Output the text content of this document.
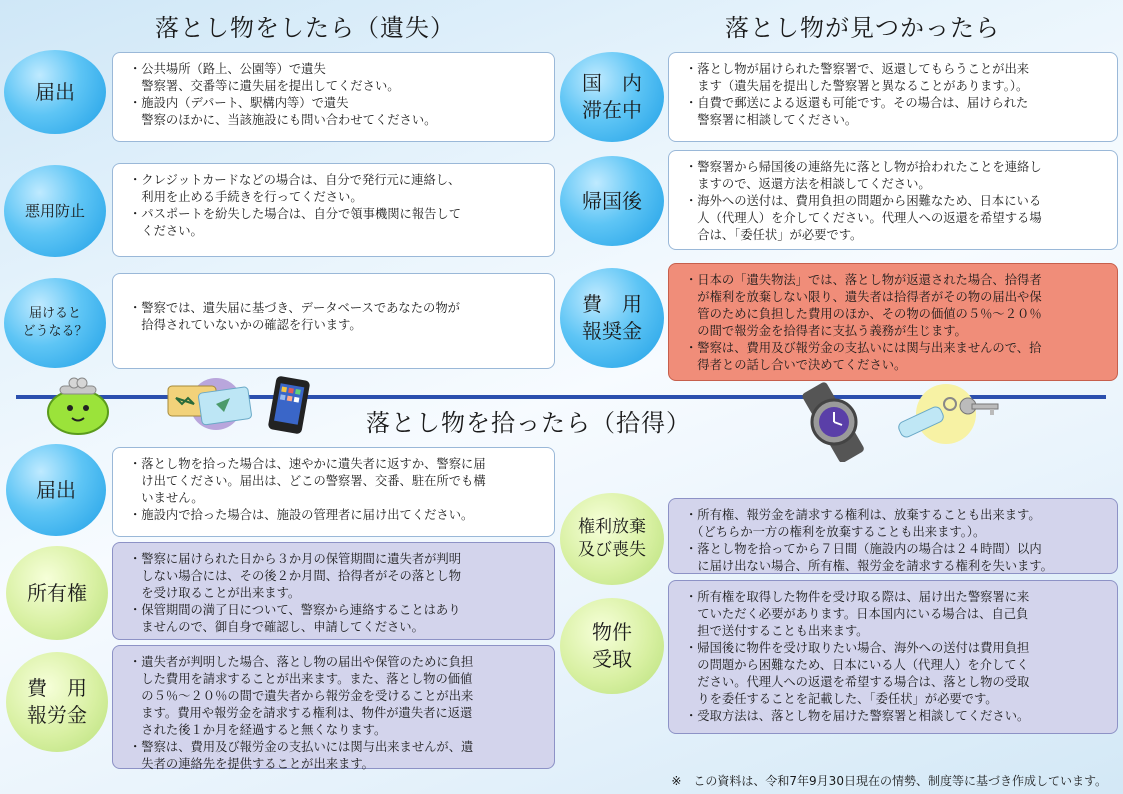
落とし物をしたら（遺失）	落とし物が見つかったら
届出

・公共場所（路上、公園等）で遺失
　警察署、交番等に遺失届を提出してください。

・施設内（デパート、駅構内等）で遺失
　警察のほかに、当該施設にも問い合わせてください。

悪用防止

・クレジットカードなどの場合は、自分で発行元に連絡し、
　利用を止める手続きを行ってください。

・パスポートを紛失した場合は、自分で領事機関に報告して
　ください。

届けると
どうなる？

・警察では、遺失届に基づき、データベースであなたの物が
　拾得されていないかの確認を行います。

国　内
滞在中

・落とし物が届けられた警察署で、返還してもらうことが出来
　ます（遺失届を提出した警察署と異なることがあります。）。

・自費で郵送による返還も可能です。その場合は、届けられた
　警察署に相談してください。

帰国後

・警察署から帰国後の連絡先に落とし物が拾われたことを連絡し
　ますので、返還方法を相談してください。

・海外への送付は、費用負担の問題から困難なため、日本にいる
　人（代理人）を介してください。代理人への返還を希望する場
　合は、「委任状」が必要です。

費　用
報奨金

・日本の「遺失物法」では、落とし物が返還された場合、拾得者
　が権利を放棄しない限り、遺失者は拾得者がその物の届出や保
　管のために負担した費用のほか、その物の価値の５％～２０％
　の間で報労金を拾得者に支払う義務が生じます。

・警察は、費用及び報労金の支払いには関与出来ませんので、拾
　得者との話し合いで決めてください。

落とし物を拾ったら（拾得）
届出

・落とし物を拾った場合は、速やかに遺失者に返すか、警察に届
　け出てください。届出は、どこの警察署、交番、駐在所でも構
　いません。

・施設内で拾った場合は、施設の管理者に届け出てください。

所有権

・警察に届けられた日から３か月の保管期間に遺失者が判明
　しない場合には、その後２か月間、拾得者がその落とし物
　を受け取ることが出来ます。

・保管期間の満了日について、警察から連絡することはあり
　ませんので、御自身で確認し、申請してください。

費　用
報労金

・遺失者が判明した場合、落とし物の届出や保管のために負担
　した費用を請求することが出来ます。また、落とし物の価値
　の５％～２０％の間で遺失者から報労金を受けることが出来
　ます。費用や報労金を請求する権利は、物件が遺失者に返還
　された後１か月を経過すると無くなります。

・警察は、費用及び報労金の支払いには関与出来ませんが、遺
　失者の連絡先を提供することが出来ます。

権利放棄
及び喪失

・所有権、報労金を請求する権利は、放棄することも出来ます。
　（どちらか一方の権利を放棄することも出来ます。）。

・落とし物を拾ってから７日間（施設内の場合は２４時間）以内
　に届け出ない場合、所有権、報労金を請求する権利を失います。

物件
受取

・所有権を取得した物件を受け取る際は、届け出た警察署に来
　ていただく必要があります。日本国内にいる場合は、自己負
　担で送付することも出来ます。

・帰国後に物件を受け取りたい場合、海外への送付は費用負担
　の問題から困難なため、日本にいる人（代理人）を介してく
　ださい。代理人への返還を希望する場合は、落とし物の受取
　りを委任することを記載した、「委任状」が必要です。

・受取方法は、落とし物を届けた警察署と相談してください。

※　この資料は、令和7年9月30日現在の情勢、制度等に基づき作成しています。
